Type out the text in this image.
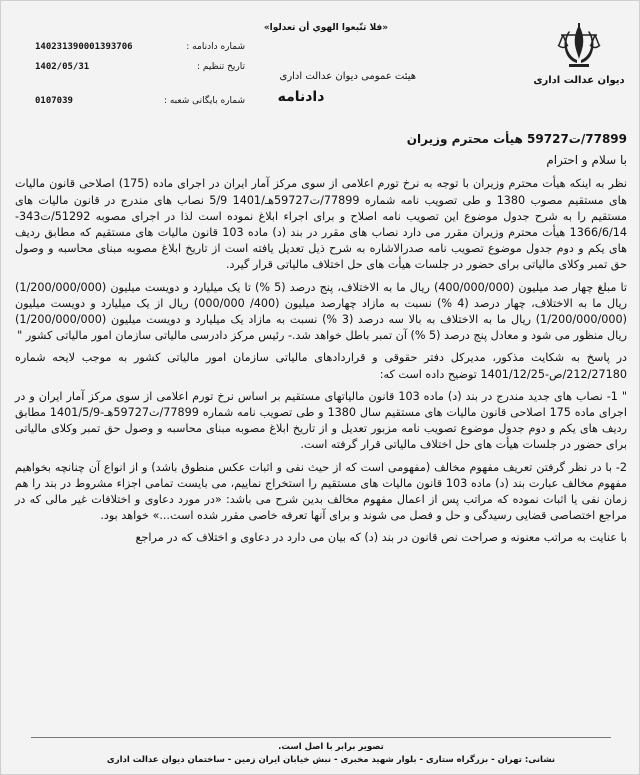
دیوان عدالت اداری
«فلا تتّبعوا الهوي أن تعدلوا»
هیئت عمومی دیوان عدالت اداری
دادنامه
شماره دادنامه :
140231390001393706
تاریخ تنظیم :
1402/05/31
شماره بایگانی شعبه :
0107039
77899/ت59727 هیأت محترم وزیران
با سلام و احترام

نظر به اینکه هیأت محترم وزیران با توجه به نرخ تورم اعلامی از سوی مرکز آمار ایران در اجرای ماده (175) اصلاحی قانون مالیات های مستقیم مصوب 1380 و طی تصویب نامه شماره 77899/ت59727هـ/1401 5/9 نصاب های مندرج در قانون مالیات های مستقیم را به شرح جدول موضوع این تصویب نامه اصلاح و برای اجراء ابلاغ نموده است لذا در اجرای مصوبه 51292/ت343-1366/6/14 هیأت محترم وزیران مقرر می دارد نصاب های مقرر در بند (د) ماده 103 قانون مالیات های مستقیم که مطابق ردیف های یکم و دوم جدول موضوع تصویب نامه صدرالاشاره به شرح ذیل تعدیل یافته است از تاریخ ابلاغ مصوبه مبنای محاسبه و وصول حق تمبر وکلای مالیاتی برای حضور در جلسات هیأت های حل اختلاف مالیاتی قرار گیرد.

تا مبلغ چهار صد میلیون (400/000/000) ریال ما به الاختلاف، پنج درصد (5 %) تا یک میلیارد و دویست میلیون (1/200/000/000) ریال ما به الاختلاف، چهار درصد (4 %) نسبت به مازاد چهارصد میلیون (400/ 000/000) ریال از یک میلیارد و دویست میلیون (1/200/000/000) ریال ما به الاختلاف به بالا سه درصد (3 %) نسبت به مازاد یک میلیارد و دویست میلیون (1/200/000/000) ریال منظور می شود و معادل پنج درصد (5 %) آن تمبر باطل خواهد شد.- رئیس مرکز دادرسی مالیاتی سازمان امور مالیاتی کشور "

در پاسخ به شکایت مذکور، مدیرکل دفتر حقوقی و قراردادهای مالیاتی سازمان امور مالیاتی کشور به موجب لایحه شماره 212/27180/ص-1401/12/25 توضیح داده است که:

" 1- نصاب های جدید مندرج در بند (د) ماده 103 قانون مالیاتهای مستقیم بر اساس نرخ تورم اعلامی از سوی مرکز آمار ایران و در اجرای ماده 175 اصلاحی قانون مالیات های مستقیم سال 1380 و طی تصویب نامه شماره 77899/ت59727هـ-1401/5/9 مطابق ردیف های یکم و دوم جدول موضوع تصویب نامه مزبور تعدیل و از تاریخ ابلاغ مصوبه مبنای محاسبه و وصول حق تمبر وکلای مالیاتی برای حضور در جلسات هیأت های حل اختلاف مالیاتی قرار گرفته است.

2- با در نظر گرفتن تعریف مفهوم مخالف (مفهومی است که از حیث نفی و اثبات عکس منطوق باشد) و از انواع آن چنانچه بخواهیم مفهوم مخالف عبارت بند (د) ماده 103 قانون مالیات های مستقیم را استخراج نماییم، می بایست تمامی اجزاء مشروط در بند را هم زمان نفی یا اثبات نموده که مراتب پس از اعمال مفهوم مخالف بدین شرح می باشد: «در مورد دعاوی و اختلافات غیر مالی که در مراجع اختصاصی قضایی رسیدگی و حل و فصل می شوند و برای آنها تعرفه خاصی مقرر شده است...» خواهد بود.

با عنایت به مراتب معنونه و صراحت نص قانون در بند (د) که بیان می دارد در دعاوی و اختلاف که در مراجع

تصویر برابر با اصل است.
نشانی: تهران - بزرگراه ستاری - بلوار شهید مخبری - نبش خیابان ایران زمین - ساختمان دیوان عدالت اداری
